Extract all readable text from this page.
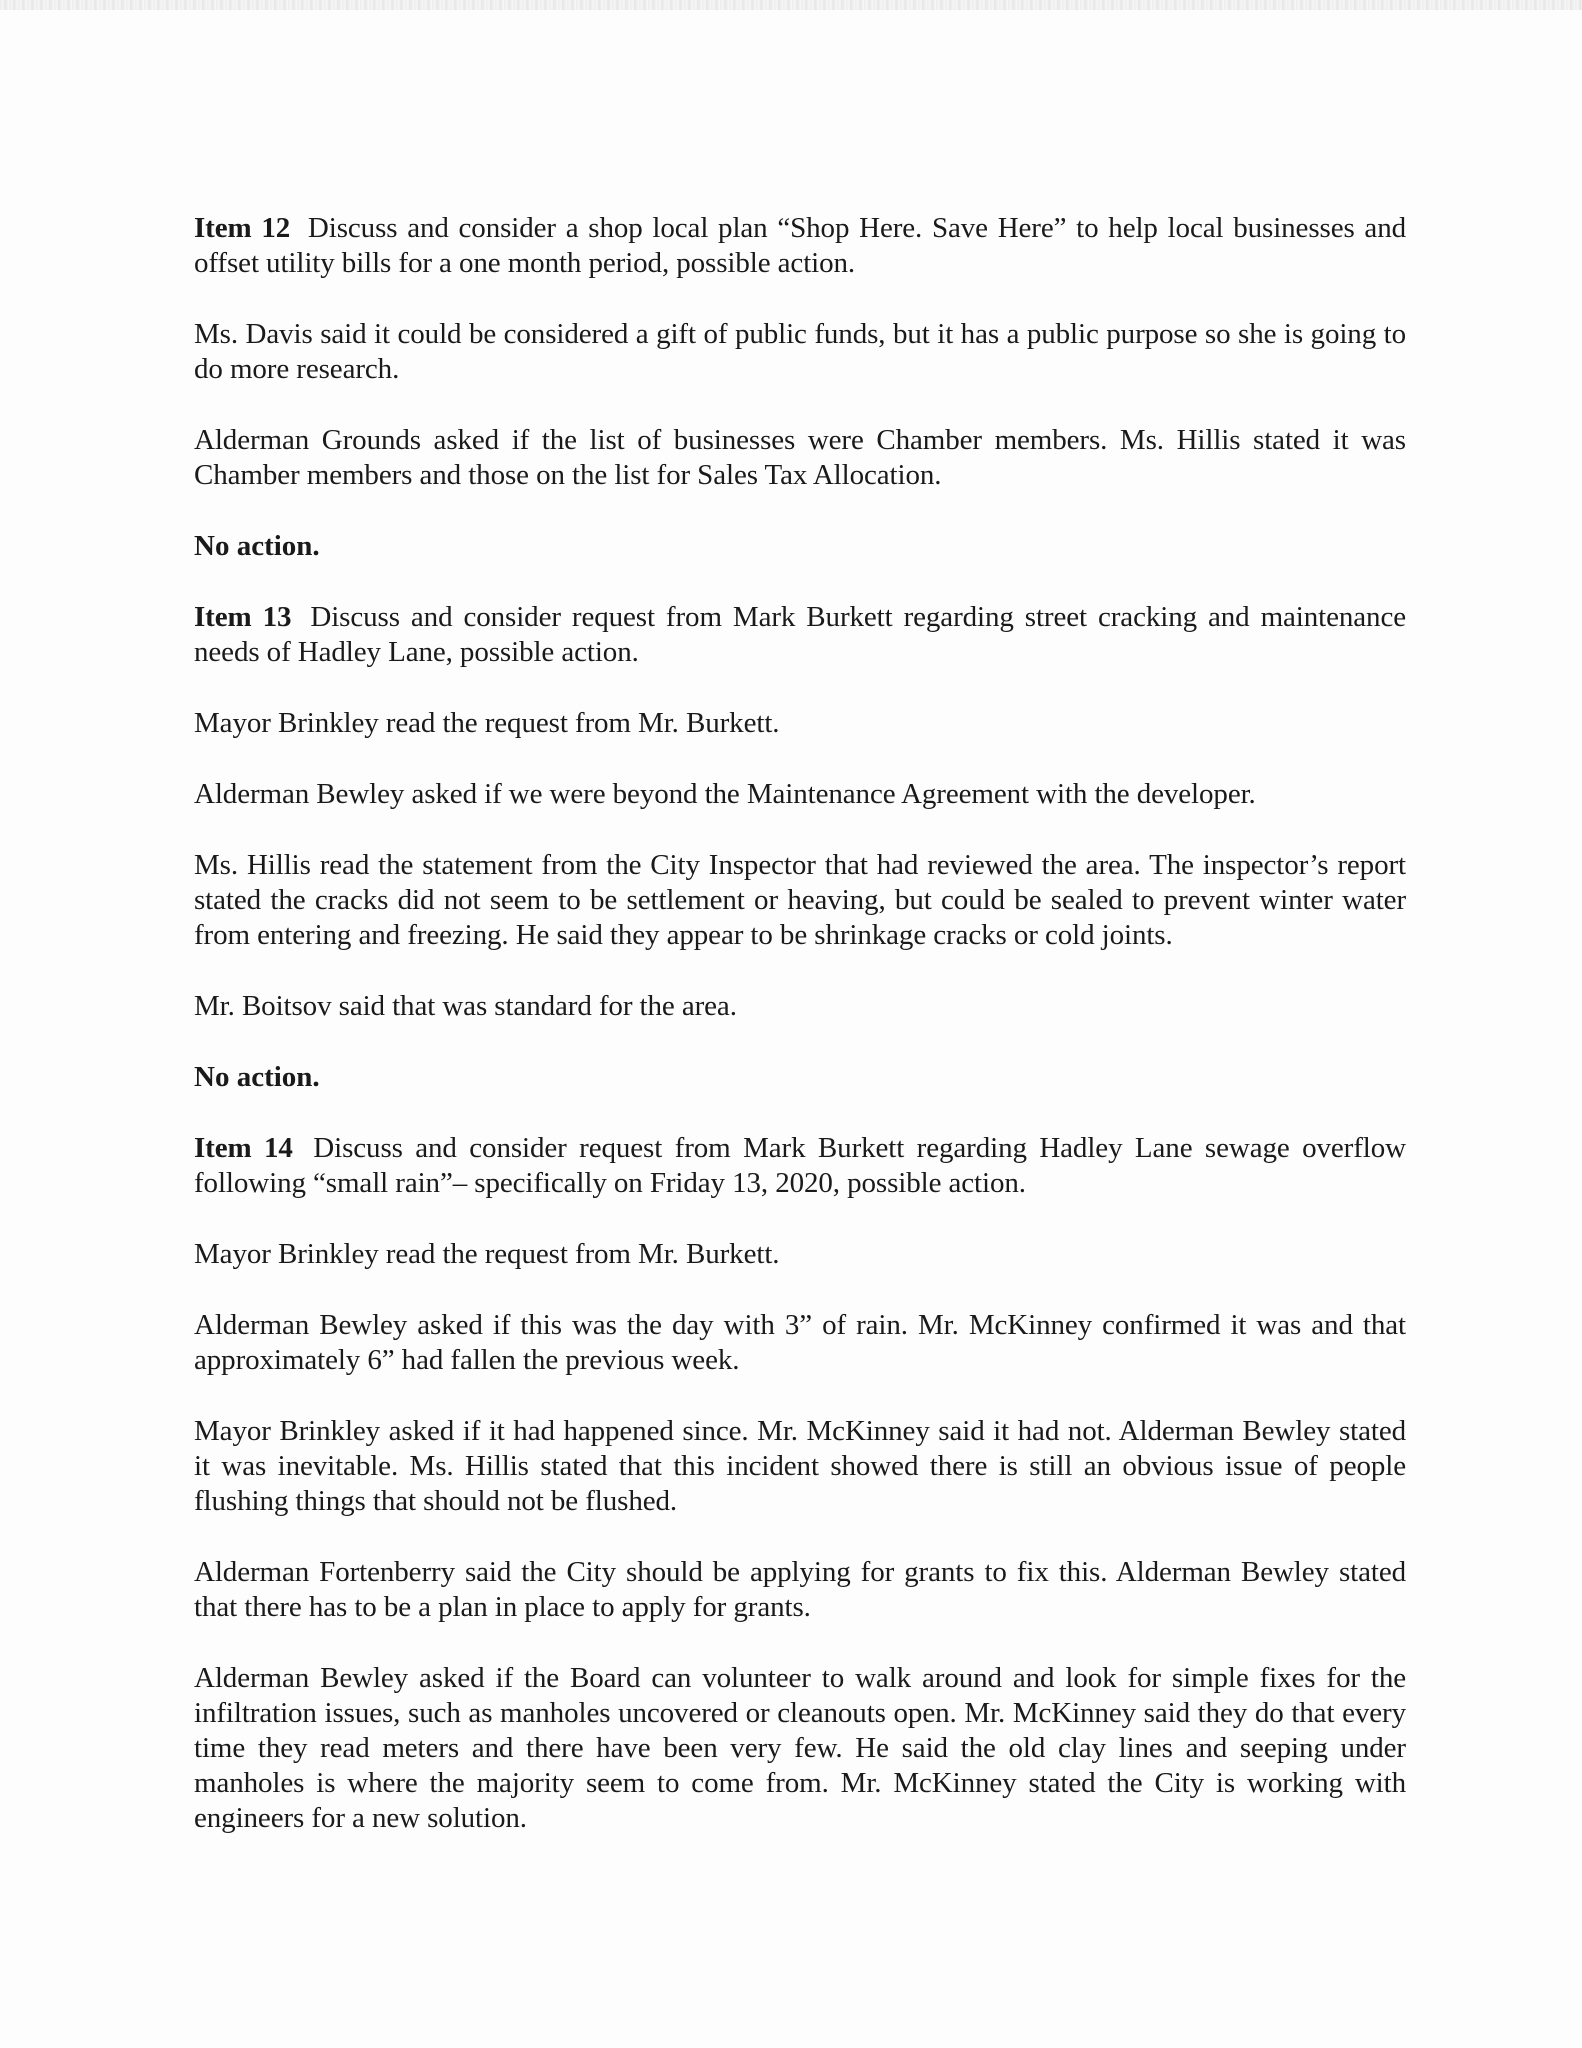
Item 12 Discuss and consider a shop local plan “Shop Here. Save Here” to help local businesses and offset utility bills for a one month period, possible action.

Ms. Davis said it could be considered a gift of public funds, but it has a public purpose so she is going to do more research.

Alderman Grounds asked if the list of businesses were Chamber members. Ms. Hillis stated it was Chamber members and those on the list for Sales Tax Allocation.

No action.

Item 13 Discuss and consider request from Mark Burkett regarding street cracking and maintenance needs of Hadley Lane, possible action.

Mayor Brinkley read the request from Mr. Burkett.

Alderman Bewley asked if we were beyond the Maintenance Agreement with the developer.

Ms. Hillis read the statement from the City Inspector that had reviewed the area. The inspector’s report stated the cracks did not seem to be settlement or heaving, but could be sealed to prevent winter water from entering and freezing. He said they appear to be shrinkage cracks or cold joints.

Mr. Boitsov said that was standard for the area.

No action.

Item 14 Discuss and consider request from Mark Burkett regarding Hadley Lane sewage overflow following “small rain”– specifically on Friday 13, 2020, possible action.

Mayor Brinkley read the request from Mr. Burkett.

Alderman Bewley asked if this was the day with 3” of rain. Mr. McKinney confirmed it was and that approximately 6” had fallen the previous week.

Mayor Brinkley asked if it had happened since. Mr. McKinney said it had not. Alderman Bewley stated it was inevitable. Ms. Hillis stated that this incident showed there is still an obvious issue of people flushing things that should not be flushed.

Alderman Fortenberry said the City should be applying for grants to fix this. Alderman Bewley stated that there has to be a plan in place to apply for grants.

Alderman Bewley asked if the Board can volunteer to walk around and look for simple fixes for the infiltration issues, such as manholes uncovered or cleanouts open. Mr. McKinney said they do that every time they read meters and there have been very few. He said the old clay lines and seeping under manholes is where the majority seem to come from. Mr. McKinney stated the City is working with engineers for a new solution.
